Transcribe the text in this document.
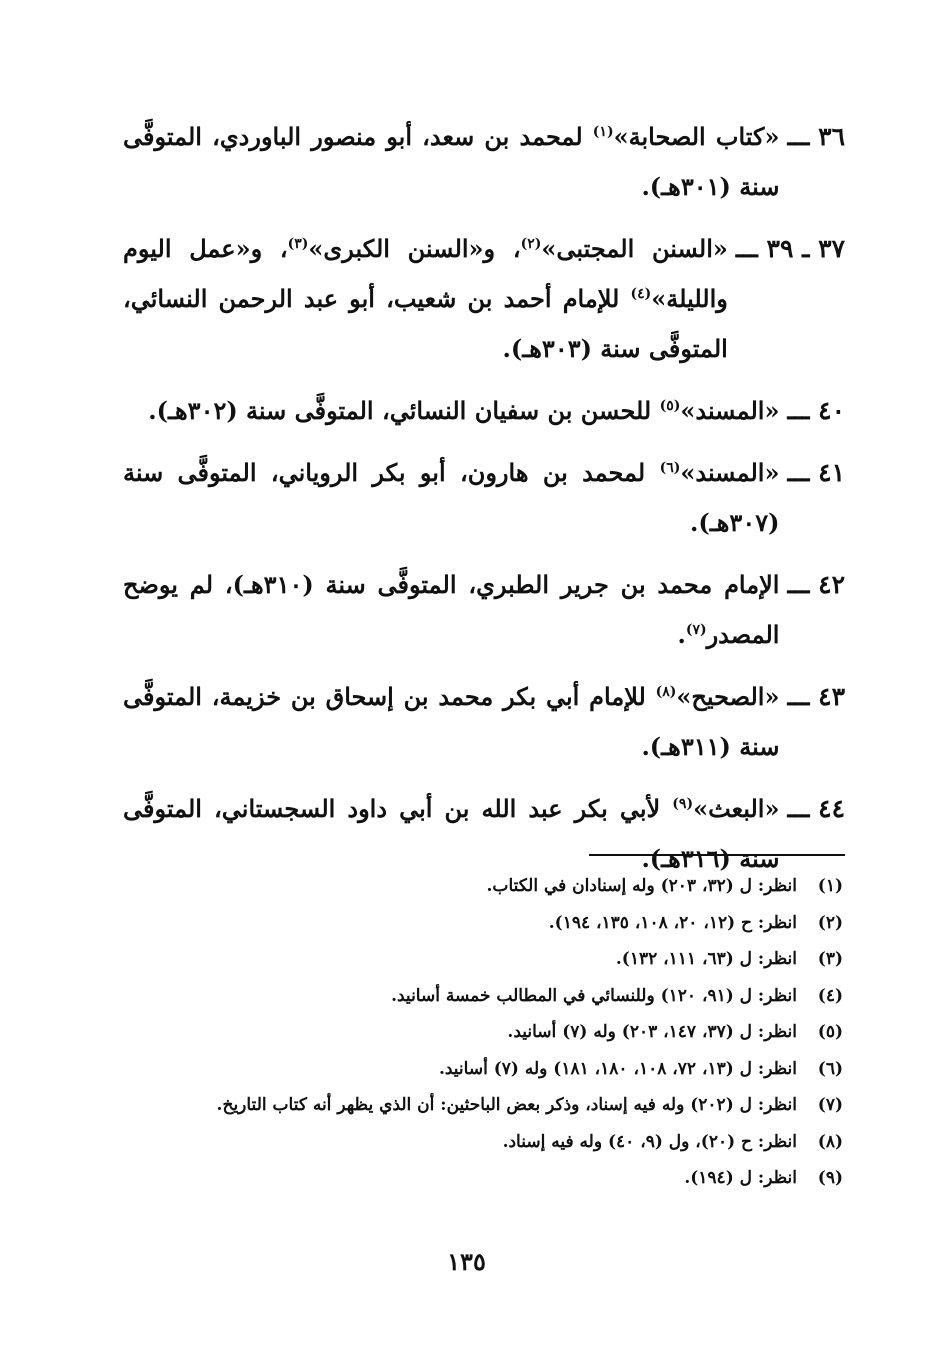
٣٦ ـــ
«كتاب الصحابة»$^{(١)}$ لمحمد بن سعد، أبو منصور الباوردي، المتوفَّى سنة (٣٠١هـ).
٣٧ ـ ٣٩ ـــ
«السنن المجتبى»$^{(٢)}$، و«السنن الكبرى»$^{(٣)}$، و«عمل اليوم والليلة»$^{(٤)}$ للإمام أحمد بن شعيب، أبو عبد الرحمن النسائي، المتوفَّى سنة (٣٠٣هـ).
٤٠ ـــ
«المسند»$^{(٥)}$ للحسن بن سفيان النسائي، المتوفَّى سنة (٣٠٢هـ).
٤١ ـــ
«المسند»$^{(٦)}$ لمحمد بن هارون، أبو بكر الروياني، المتوفَّى سنة (٣٠٧هـ).
٤٢ ـــ
الإمام محمد بن جرير الطبري، المتوفَّى سنة (٣١٠هـ)، لم يوضح المصدر$^{(٧)}$.
٤٣ ـــ
«الصحيح»$^{(٨)}$ للإمام أبي بكر محمد بن إسحاق بن خزيمة، المتوفَّى سنة (٣١١هـ).
٤٤ ـــ
«البعث»$^{(٩)}$ لأبي بكر عبد الله بن أبي داود السجستاني، المتوفَّى سنة (٣١٦هـ).
(١)
انظر: ل (٣٢، ٢٠٣) وله إسنادان في الكتاب.
(٢)
انظر: ح (١٢، ٢٠، ١٠٨، ١٣٥، ١٩٤).
(٣)
انظر: ل (٦٣، ١١١، ١٣٢).
(٤)
انظر: ل (٩١، ١٢٠) وللنسائي في المطالب خمسة أسانيد.
(٥)
انظر: ل (٣٧، ١٤٧، ٢٠٣) وله (٧) أسانيد.
(٦)
انظر: ل (١٣، ٧٢، ١٠٨، ١٨٠، ١٨١) وله (٧) أسانيد.
(٧)
انظر: ل (٢٠٢) وله فيه إسناد، وذكر بعض الباحثين: أن الذي يظهر أنه كتاب التاريخ.
(٨)
انظر: ح (٢٠)، ول (٩، ٤٠) وله فيه إسناد.
(٩)
انظر: ل (١٩٤).
١٣٥
